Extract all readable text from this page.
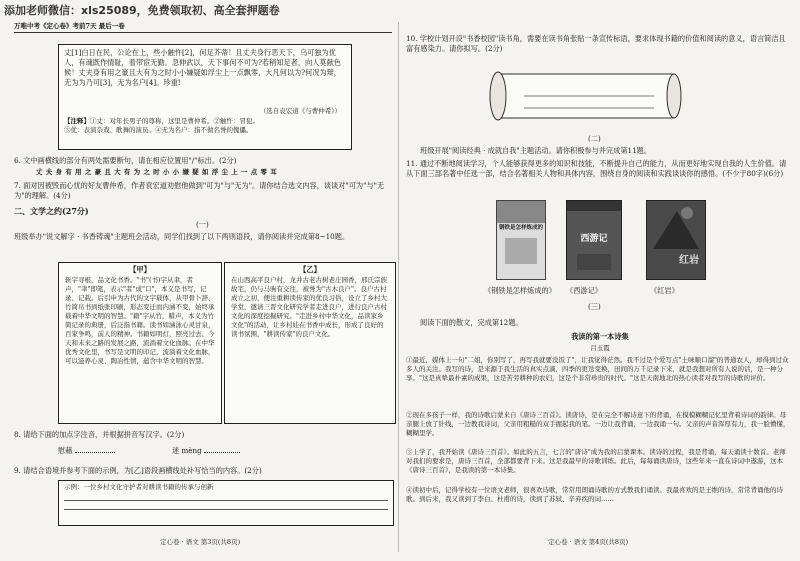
添加老师微信：xls25089，免费领取初、高全套押题卷
万唯中考《定心卷》考前7天 最后一卷
丈[1]白日在民，公论在上，些小触忤[2]，何足芥蒂！且丈夫身行恶天下，乌可独为优人，有魂既作情耻，着带宦无勤。忽伸武以，天下事何不可为?若稍知足者，向人莫献色候！丈夫身有用之豪且大有为之时小小嫌疑如浮尘上一点飘零，大凡何以为?何况为辩，无为为乃可[3]，无为名户[4]。珍重!
（选自袁宏道《与曹仲希》）
【注释】①丈：对年长男子的尊称，这里是曹仲希。②触忤：冒犯。
③优：表演杂戏、歌舞的演员。④无为名户：指不做名誉的傀儡。
6. 文中画横线的部分有两处需要断句，请在相应位置用"/"标出。(2分)
丈 夫 身 有 用 之 豪 且 大 有 为 之 时 小 小 嫌 疑 如 浮 尘 上 一 点 零 耳
7. 面对因被毁而心忧的好友曹仲希，作者袁宏道劝慰他做到"可为"与"无为"。请你结合选文内容，谈谈对"可为"与"无为"的理解。(4分)
二、文学之约(27分)
(一)
班级举办"说文解字 · 书香铸魂"主题班会活动，同学们找到了以下两则语段，请你阅读并完成第8~10题。
【甲】
斩字寻根，品文化书香。"书"(书)字从聿，者声，"聿"即笔，表示"者"成"口"，本义是书写，记录、记载。后引申为古代的文字载体，从甲骨卜辞、竹简帛书到纸张印刷，形态变迁而内涵不变，始终承载着中华文明的智慧。"籍"字从竹，耤声，本义为竹简记录的典册，后泛指书籍。读书如涵泳心灵甘泉，百家争鸣，前人的精神。书籍如明灯，照亮过去、今天和未来之路的发展之路，流淌着文化血脉。在中华优秀文化里，书写是文明的印记，流淌着文化血脉，可以滋养心灵、陶冶性情，蕴含中华文明的智慧。
【乙】
在山西高平良户村，龙井古老古树老庄园香，邢氏宗族故宅，仍与马驹有交往，被誉为"古木良户"。良户古村成立之初，便注重耕读传家的优良习俗，设立了乡村大学堂，邀请三晋文化研究学者走进良户，进行良户古村文化的深度挖掘研究。"走进乡村中华文化，品读家乡文化"的活动，让乡村娃在书香中成长，形成了良好的读书氛围，"耕读传家"的良户文化。
8. 请给下面的加点字注音，并根据拼音写汉字。(2分)
慰藉	迷 mèng
9. 请结合语境并参考下面的示例，为[乙]语段画横线处补写恰当的内容。(2分)
示例：一位乡村文化守护者对耕读书籍的传承与创新
定心卷 · 语文 第3页(共8页)
10. 学校计划开设"书香校园"读书角，需要在读书角张贴一条宣传标语，要求体现书籍的价值和阅读的意义，语言简洁且富有感染力。请你拟写。(2分)
(二)
班级开展"阅读经典 · 成就自我"主题活动。请你积极参与并完成第11题。
11. 通过不断地阅读学习，个人能够获得更多的知识和技能，不断提升自己的能力，从而更好地实现自我的人生价值。请从下面三部名著中任选一部，结合名著相关人物和具体内容，围绕自身的阅读和实践谈谈你的感悟。(不少于80字)(6分)
钢铁是怎样炼成的
西游记
红岩
《钢铁是怎样炼成的》 《西游记》	《红岩》
(三)
阅读下面的散文，完成第12题。
我读的第一本诗集
吕玉霞
①最近，媒体上一句"二姐，你别写了，再写我就要没饭了"，让我觉得茫然。我不过是个爱写点"土味顺口溜"的普通农人，却得到过众多人的关注。我写的诗，是来源于我生活的真实点滴，四季的更迭变换，田间的万千记录下来，就是我想对所有人说的话，是一种分享。"这是真挚最朴素的成果，这是苦劳耕种的农妇，这是个非常珍贵的时代。"这是天南地北的热心读者对我写的诗歌的评价。
②现在多孩子一样，我的诗歌启蒙来自《唐诗三百首》。读唐诗，是在完全不解诗意下的背诵，在模模糊糊记忆里背着诗词的韵律。母亲腿上放了针线，一边教我诗词，父亲用粗糙的双手握起我的笔。一边让我背诵，一边我诵一句。父亲的声音浑厚有力，我一脸懵懂，糊糊里学。
③上学了，我开始读《唐诗三百首》。如此的五言，七言的"唐诗"成为我的启蒙课本。读诗的过程，我是背诵，每天诵读十数首。老师对我们的要求是，唐诗三百首，全部都要背下来。这是我最早的诗歌训练。此后，每每诵读唐诗，这些年来一直在诗词中遨游，这本《唐诗三百首》，是我读的第一本诗集。
④读初中后，记得学校有一位语文老师，很喜欢诗歌，常常用朗诵诗歌的方式教我们诵读。我最喜欢的是王维的诗，常常背诵他的诗歌。到后来，我又读到了李白、杜甫的诗，读到了苏轼、辛弃疾的词……
定心卷 · 语文 第4页(共8页)
